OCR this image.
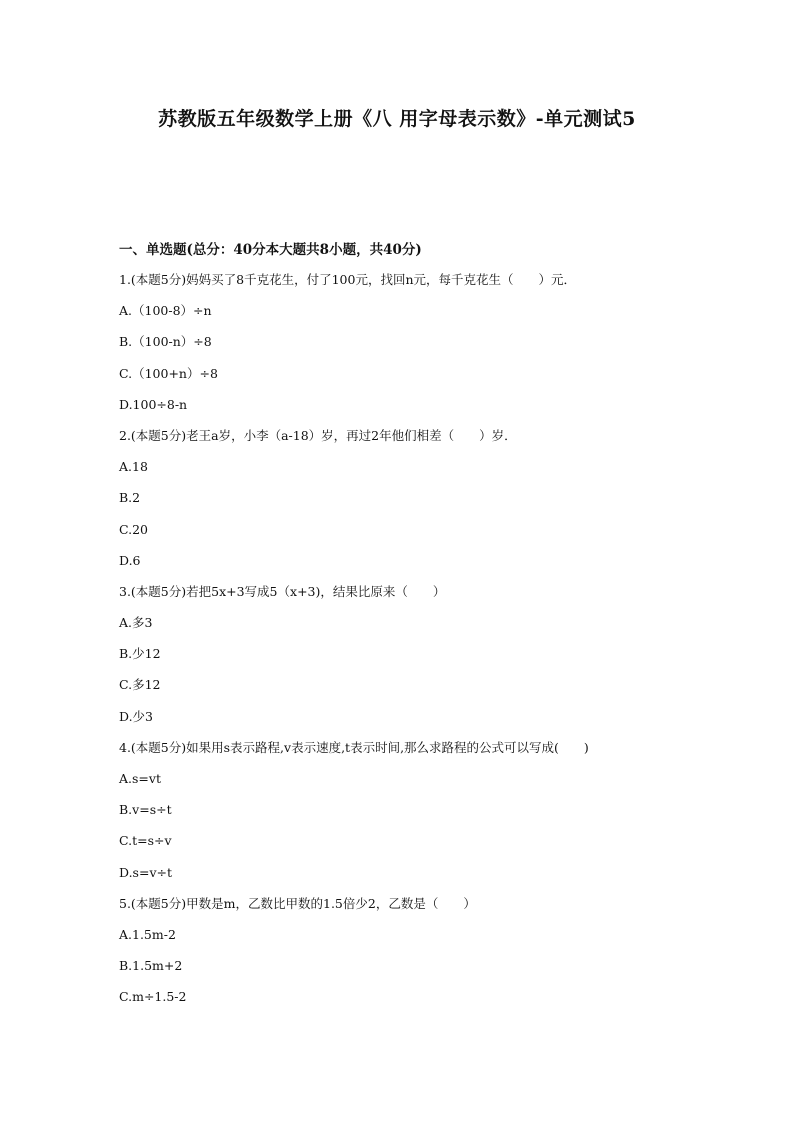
苏教版五年级数学上册《八 用字母表示数》-单元测试5
一、单选题(总分：40分本大题共8小题，共40分)
1.(本题5分)妈妈买了8千克花生，付了100元，找回n元，每千克花生（　　）元．
A.（100-8）÷n
B.（100-n）÷8
C.（100+n）÷8
D.100÷8-n
2.(本题5分)老王a岁，小李（a-18）岁，再过2年他们相差（　　）岁．
A.18
B.2
C.20
D.6
3.(本题5分)若把5x+3写成5（x+3)，结果比原来（　　）
A.多3
B.少12
C.多12
D.少3
4.(本题5分)如果用s表示路程,v表示速度,t表示时间,那么求路程的公式可以写成(　　)
A.s=vt
B.v=s÷t
C.t=s÷v
D.s=v÷t
5.(本题5分)甲数是m，乙数比甲数的1.5倍少2，乙数是（　　）
A.1.5m-2
B.1.5m+2
C.m÷1.5-2
